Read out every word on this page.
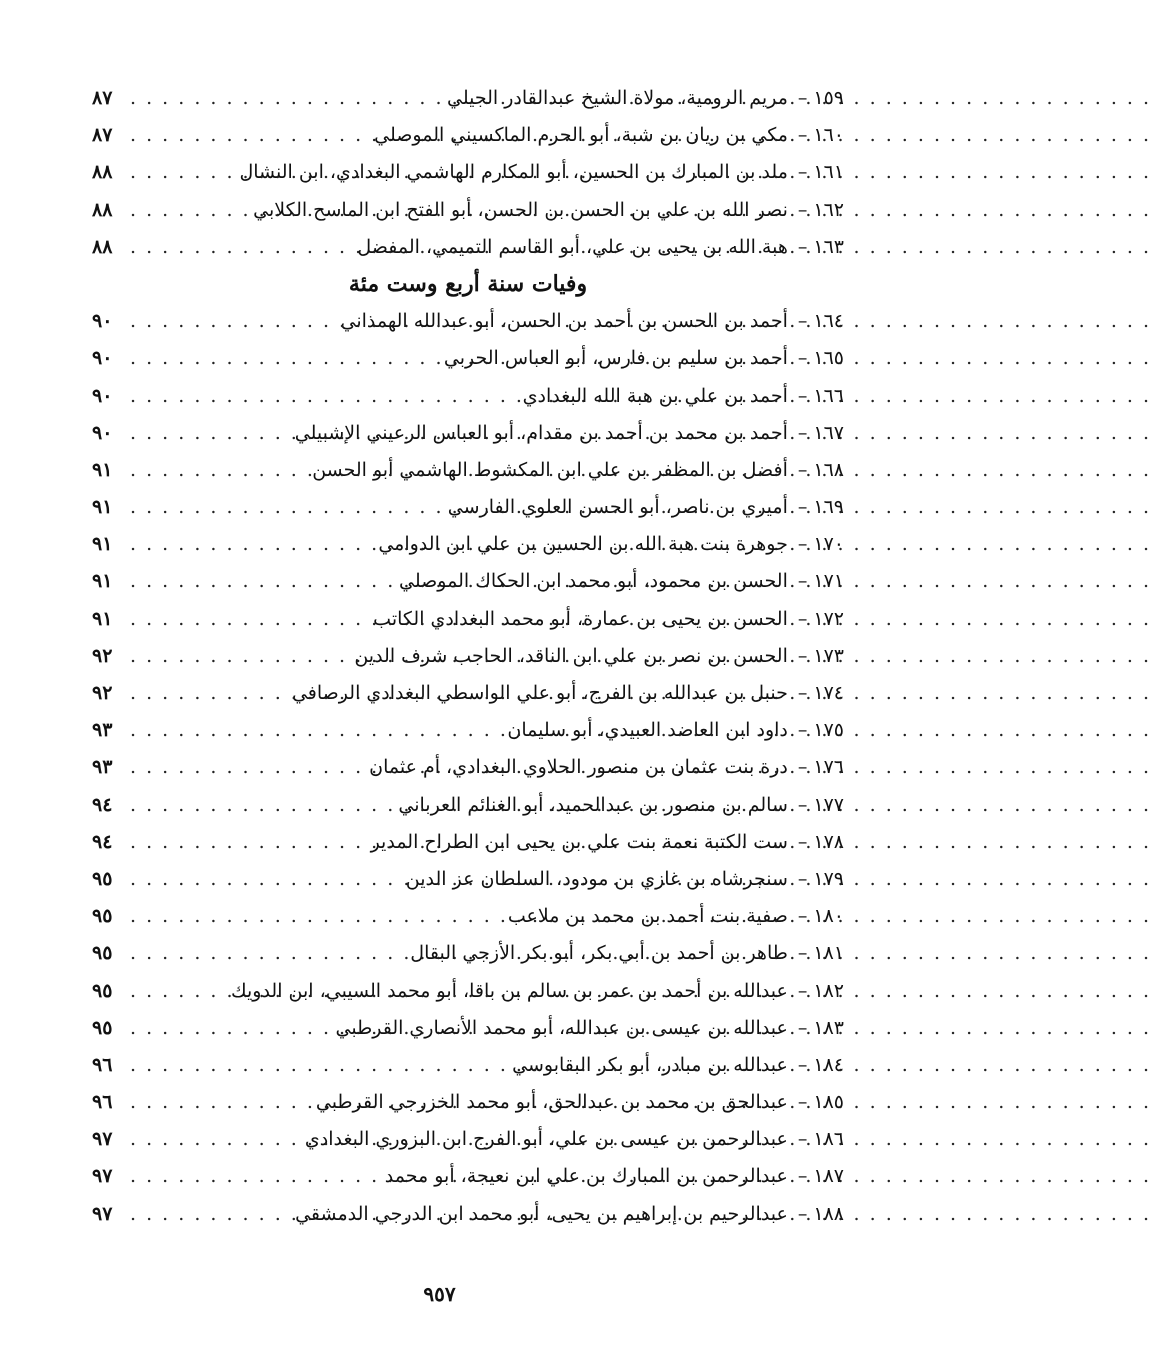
١٥٩
–
مريم الرومية، مولاة الشيخ عبدالقادر الجيلي
. . .
٨٧
١٦٠
–
مكي بن ريان بن شبة، أبو الحرم الماكسيني الموصلي
. . .
٨٧
١٦١
–
ملد بن المبارك بن الحسين، أبو المكارم الهاشمي البغدادي، ابن النشال
. . .
٨٨
١٦٢
–
نصر الله بن علي بن الحسن بن الحسن، أبو الفتح ابن الماسح الكلابي
. . .
٨٨
١٦٣
–
هبة الله بن يحيى بن علي، أبو القاسم التميمي، المفضل
. . .
٨٨
وفيات سنة أربع وست مئة
١٦٤
–
أحمد بن الحسن بن أحمد بن الحسن، أبو عبدالله الهمذاني
. . .
٩٠
١٦٥
–
أحمد بن سليم بن فارس، أبو العباس الحربي
. . .
٩٠
١٦٦
–
أحمد بن علي بن هبة الله البغدادي
. . .
٩٠
١٦٧
–
أحمد بن محمد بن أحمد بن مقدام، أبو العباس الرعيني الإشبيلي
. . .
٩٠
١٦٨
–
أفضل بن المظفر بن علي ابن المكشوط الهاشمي أبو الحسن
. . .
٩١
١٦٩
–
أميري بن ناصر، أبو الحسن العلوي الفارسي
. . .
٩١
١٧٠
–
جوهرة بنت هبة الله بن الحسين بن علي ابن الدوامي
. . .
٩١
١٧١
–
الحسن بن محمود، أبو محمد ابن الحكاك الموصلي
. . .
٩١
١٧٢
–
الحسن بن يحيى بن عمارة، أبو محمد البغدادي الكاتب
. . .
٩١
١٧٣
–
الحسن بن نصر بن علي ابن الناقد، الحاجب شرف الدين
. . .
٩٢
١٧٤
–
حنبل بن عبدالله بن الفرج، أبو علي الواسطي البغدادي الرصافي
. . .
٩٢
١٧٥
–
داود ابن العاضد العبيدي، أبو سليمان
. . .
٩٣
١٧٦
–
درة بنت عثمان بن منصور الحلاوي البغدادي، أم عثمان
. . .
٩٣
١٧٧
–
سالم بن منصور بن عبدالحميد، أبو الغنائم العرباني
. . .
٩٤
١٧٨
–
ست الكتبة نعمة بنت علي بن يحيى ابن الطراح المدير
. . .
٩٤
١٧٩
–
سنجرشاه بن غازي بن مودود، السلطان عز الدين
. . .
٩٥
١٨٠
–
صفية بنت أحمد بن محمد بن ملاعب
. . .
٩٥
١٨١
–
طاهر بن أحمد بن أبي بكر، أبو بكر الأزجي البقال
. . .
٩٥
١٨٢
–
عبدالله بن أحمد بن عمر بن سالم بن باقا، أبو محمد السيبي، ابن الدويك
. . .
٩٥
١٨٣
–
عبدالله بن عيسى بن عبدالله، أبو محمد الأنصاري القرطبي
. . .
٩٥
١٨٤
–
عبدالله بن مبادر، أبو بكر البقابوسي
. . .
٩٦
١٨٥
–
عبدالحق بن محمد بن عبدالحق، أبو محمد الخزرجي القرطبي
. . .
٩٦
١٨٦
–
عبدالرحمن بن عيسى بن علي، أبو الفرج ابن البزوري البغدادي
. . .
٩٧
١٨٧
–
عبدالرحمن بن المبارك بن علي ابن نعيجة، أبو محمد
. . .
٩٧
١٨٨
–
عبدالرحيم بن إبراهيم بن يحيى، أبو محمد ابن الدرجي الدمشقي
. . .
٩٧
٩٥٧
